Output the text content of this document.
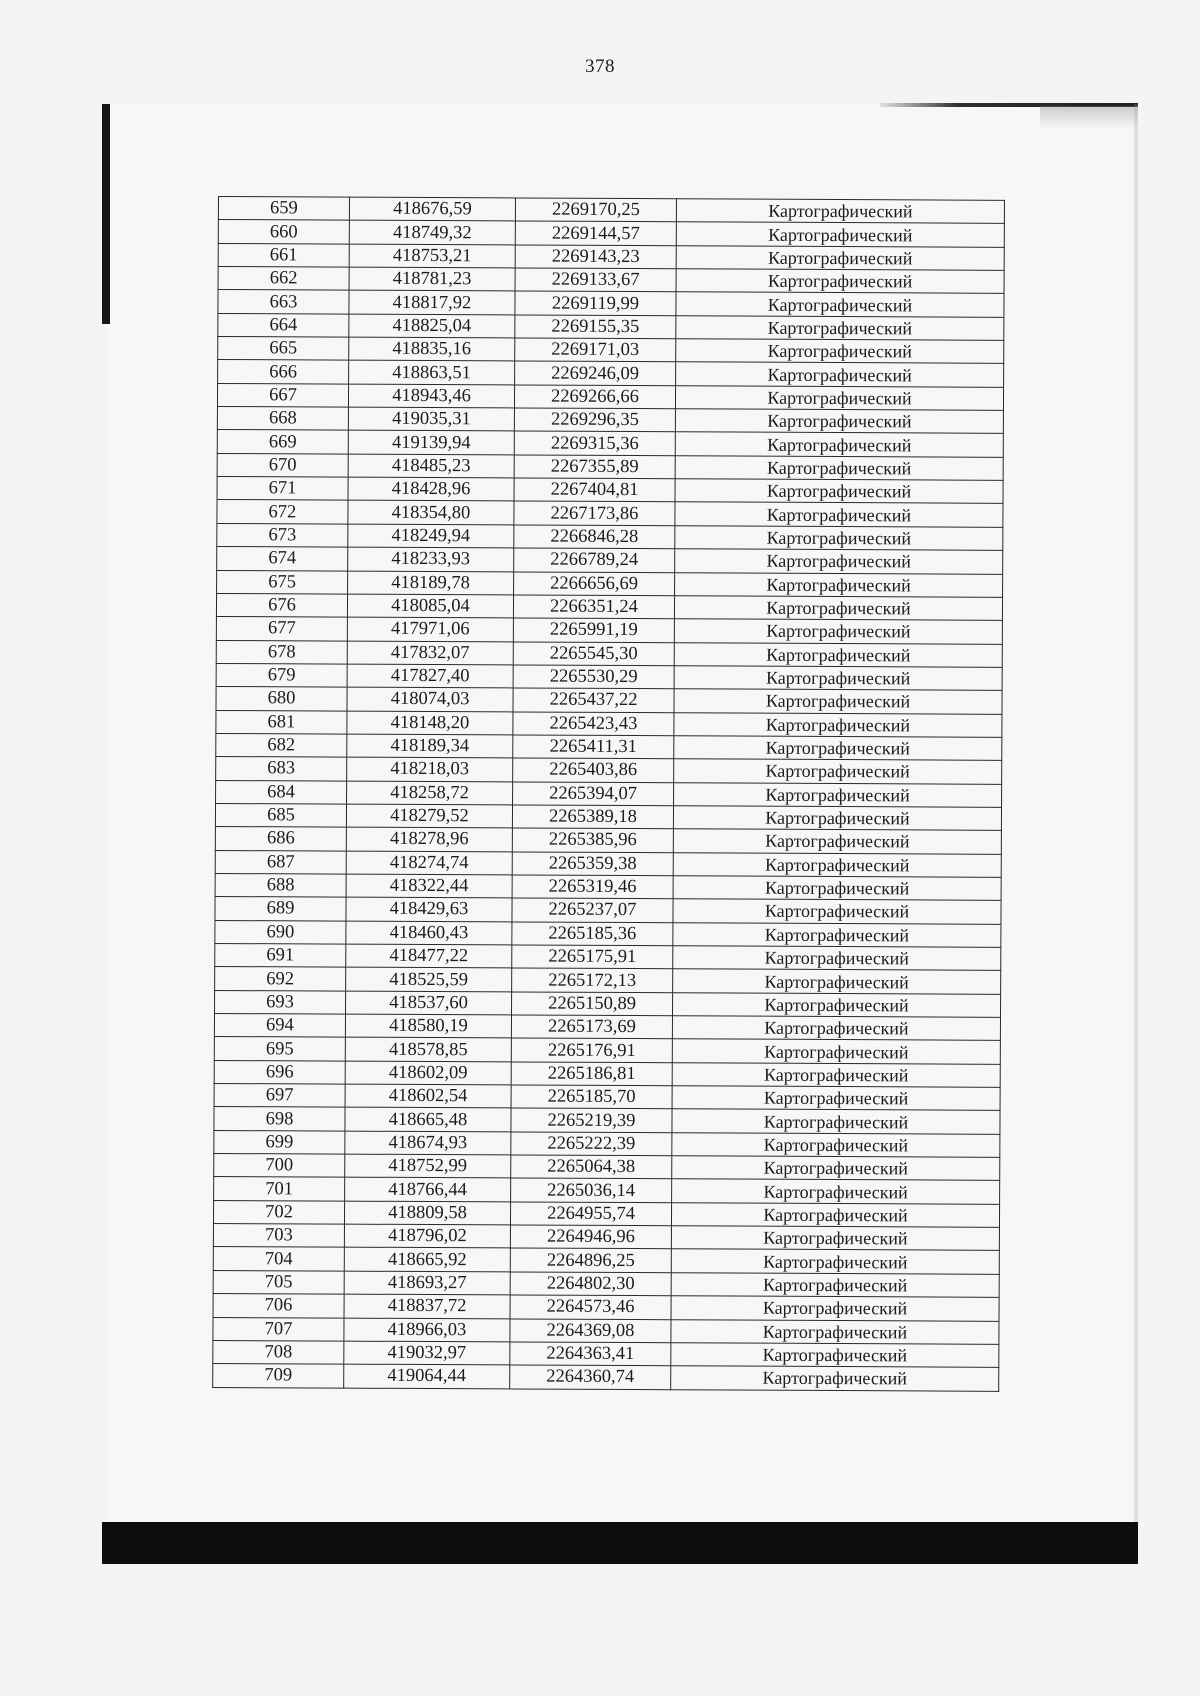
378
659	418676,59	2269170,25	Картографический
660	418749,32	2269144,57	Картографический
661	418753,21	2269143,23	Картографический
662	418781,23	2269133,67	Картографический
663	418817,92	2269119,99	Картографический
664	418825,04	2269155,35	Картографический
665	418835,16	2269171,03	Картографический
666	418863,51	2269246,09	Картографический
667	418943,46	2269266,66	Картографический
668	419035,31	2269296,35	Картографический
669	419139,94	2269315,36	Картографический
670	418485,23	2267355,89	Картографический
671	418428,96	2267404,81	Картографический
672	418354,80	2267173,86	Картографический
673	418249,94	2266846,28	Картографический
674	418233,93	2266789,24	Картографический
675	418189,78	2266656,69	Картографический
676	418085,04	2266351,24	Картографический
677	417971,06	2265991,19	Картографический
678	417832,07	2265545,30	Картографический
679	417827,40	2265530,29	Картографический
680	418074,03	2265437,22	Картографический
681	418148,20	2265423,43	Картографический
682	418189,34	2265411,31	Картографический
683	418218,03	2265403,86	Картографический
684	418258,72	2265394,07	Картографический
685	418279,52	2265389,18	Картографический
686	418278,96	2265385,96	Картографический
687	418274,74	2265359,38	Картографический
688	418322,44	2265319,46	Картографический
689	418429,63	2265237,07	Картографический
690	418460,43	2265185,36	Картографический
691	418477,22	2265175,91	Картографический
692	418525,59	2265172,13	Картографический
693	418537,60	2265150,89	Картографический
694	418580,19	2265173,69	Картографический
695	418578,85	2265176,91	Картографический
696	418602,09	2265186,81	Картографический
697	418602,54	2265185,70	Картографический
698	418665,48	2265219,39	Картографический
699	418674,93	2265222,39	Картографический
700	418752,99	2265064,38	Картографический
701	418766,44	2265036,14	Картографический
702	418809,58	2264955,74	Картографический
703	418796,02	2264946,96	Картографический
704	418665,92	2264896,25	Картографический
705	418693,27	2264802,30	Картографический
706	418837,72	2264573,46	Картографический
707	418966,03	2264369,08	Картографический
708	419032,97	2264363,41	Картографический
709	419064,44	2264360,74	Картографический
